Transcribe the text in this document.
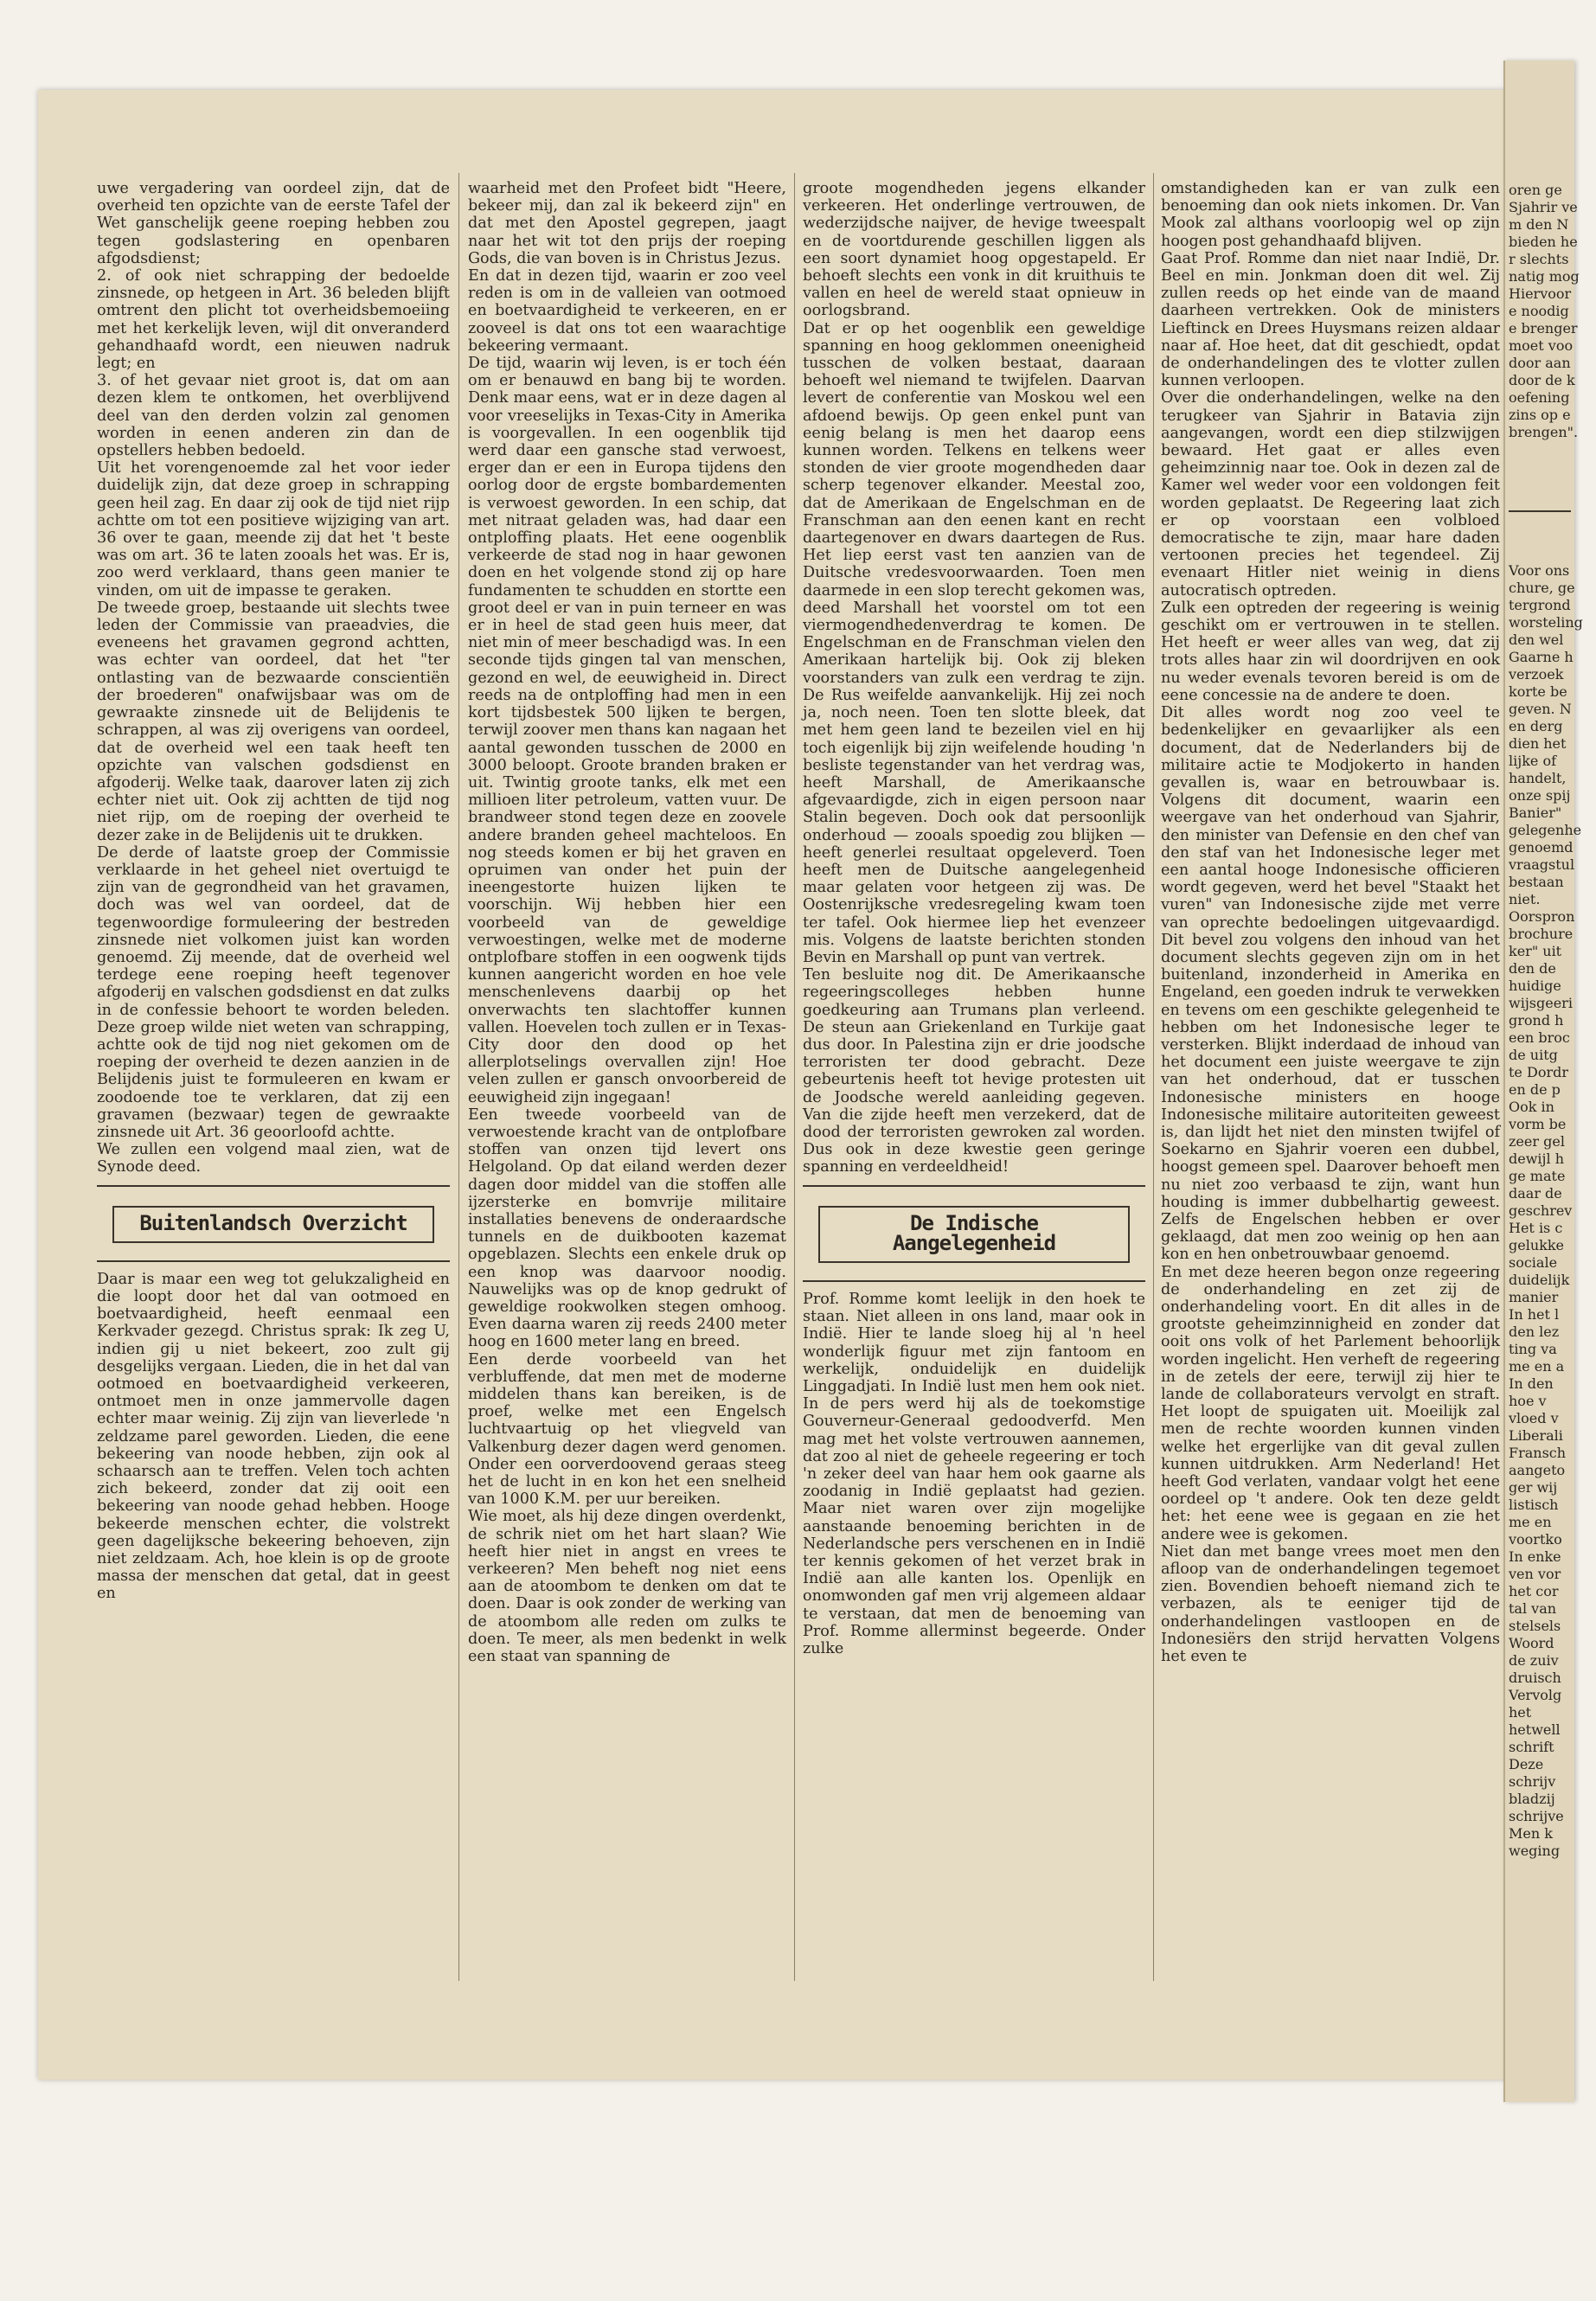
uwe vergadering van oordeel zijn, dat de overheid ten opzichte van de eerste Tafel der Wet ganschelijk geene roeping hebben zou tegen godslastering en openbaren afgodsdienst;

2. of ook niet schrapping der bedoelde zinsnede, op hetgeen in Art. 36 beleden blijft omtrent den plicht tot overheidsbemoeiing met het kerkelijk leven, wijl dit onveranderd gehandhaafd wordt, een nieuwen nadruk legt; en

3. of het gevaar niet groot is, dat om aan dezen klem te ontkomen, het overblijvend deel van den derden volzin zal genomen worden in eenen anderen zin dan de opstellers hebben bedoeld.

Uit het vorengenoemde zal het voor ieder duidelijk zijn, dat deze groep in schrapping geen heil zag. En daar zij ook de tijd niet rijp achtte om tot een positieve wijziging van art. 36 over te gaan, meende zij dat het 't beste was om art. 36 te laten zooals het was. Er is, zoo werd verklaard, thans geen manier te vinden, om uit de impasse te geraken.

De tweede groep, bestaande uit slechts twee leden der Commissie van praeadvies, die eveneens het gravamen gegrond achtten, was echter van oordeel, dat het "ter ontlasting van de bezwaarde conscientiën der broederen" onafwijsbaar was om de gewraakte zinsnede uit de Belijdenis te schrappen, al was zij overigens van oordeel, dat de overheid wel een taak heeft ten opzichte van valschen godsdienst en afgoderij. Welke taak, daarover laten zij zich echter niet uit. Ook zij achtten de tijd nog niet rijp, om de roeping der overheid te dezer zake in de Belijdenis uit te drukken.

De derde of laatste groep der Commissie verklaarde in het geheel niet overtuigd te zijn van de gegrondheid van het gravamen, doch was wel van oordeel, dat de tegenwoordige formuleering der bestreden zinsnede niet volkomen juist kan worden genoemd. Zij meende, dat de overheid wel terdege eene roeping heeft tegenover afgoderij en valschen godsdienst en dat zulks in de confessie behoort te worden beleden. Deze groep wilde niet weten van schrapping, achtte ook de tijd nog niet gekomen om de roeping der overheid te dezen aanzien in de Belijdenis juist te formuleeren en kwam er zoodoende toe te verklaren, dat zij een gravamen (bezwaar) tegen de gewraakte zinsnede uit Art. 36 geoorloofd achtte.

We zullen een volgend maal zien, wat de Synode deed.

Buitenlandsch Overzicht

Daar is maar een weg tot gelukzaligheid en die loopt door het dal van ootmoed en boetvaardigheid, heeft eenmaal een Kerkvader gezegd. Christus sprak: Ik zeg U, indien gij u niet bekeert, zoo zult gij desgelijks vergaan. Lieden, die in het dal van ootmoed en boetvaardigheid verkeeren, ontmoet men in onze jammervolle dagen echter maar weinig. Zij zijn van lieverlede 'n zeldzame parel geworden. Lieden, die eene bekeering van noode hebben, zijn ook al schaarsch aan te treffen. Velen toch achten zich bekeerd, zonder dat zij ooit een bekeering van noode gehad hebben. Hooge bekeerde menschen echter, die volstrekt geen dagelijksche bekeering behoeven, zijn niet zeldzaam. Ach, hoe klein is op de groote massa der menschen dat getal, dat in geest en

waarheid met den Profeet bidt "Heere, bekeer mij, dan zal ik bekeerd zijn" en dat met den Apostel gegrepen, jaagt naar het wit tot den prijs der roeping Gods, die van boven is in Christus Jezus.

En dat in dezen tijd, waarin er zoo veel reden is om in de valleien van ootmoed en boetvaardigheid te verkeeren, en er zooveel is dat ons tot een waarachtige bekeering vermaant.

De tijd, waarin wij leven, is er toch één om er benauwd en bang bij te worden. Denk maar eens, wat er in deze dagen al voor vreeselijks in Texas-City in Amerika is voorgevallen. In een oogenblik tijd werd daar een gansche stad verwoest, erger dan er een in Europa tijdens den oorlog door de ergste bombardementen is verwoest geworden. In een schip, dat met nitraat geladen was, had daar een ontploffing plaats. Het eene oogenblik verkeerde de stad nog in haar gewonen doen en het volgende stond zij op hare fundamenten te schudden en stortte een groot deel er van in puin terneer en was er in heel de stad geen huis meer, dat niet min of meer beschadigd was. In een seconde tijds gingen tal van menschen, gezond en wel, de eeuwigheid in. Direct reeds na de ontploffing had men in een kort tijdsbestek 500 lijken te bergen, terwijl zoover men thans kan nagaan het aantal gewonden tusschen de 2000 en 3000 beloopt. Groote branden braken er uit. Twintig groote tanks, elk met een millioen liter petroleum, vatten vuur. De brandweer stond tegen deze en zoovele andere branden geheel machteloos. En nog steeds komen er bij het graven en opruimen van onder het puin der ineengestorte huizen lijken te voorschijn. Wij hebben hier een voorbeeld van de geweldige verwoestingen, welke met de moderne ontplofbare stoffen in een oogwenk tijds kunnen aangericht worden en hoe vele menschenlevens daarbij op het onverwachts ten slachtoffer kunnen vallen. Hoevelen toch zullen er in Texas-City door den dood op het allerplotselings overvallen zijn! Hoe velen zullen er gansch onvoorbereid de eeuwigheid zijn ingegaan!

Een tweede voorbeeld van de verwoestende kracht van de ontplofbare stoffen van onzen tijd levert ons Helgoland. Op dat eiland werden dezer dagen door middel van die stoffen alle ijzersterke en bomvrije militaire installaties benevens de onderaardsche tunnels en de duikbooten kazemat opgeblazen. Slechts een enkele druk op een knop was daarvoor noodig. Nauwelijks was op de knop gedrukt of geweldige rookwolken stegen omhoog. Even daarna waren zij reeds 2400 meter hoog en 1600 meter lang en breed.

Een derde voorbeeld van het verbluffende, dat men met de moderne middelen thans kan bereiken, is de proef, welke met een Engelsch luchtvaartuig op het vliegveld van Valkenburg dezer dagen werd genomen. Onder een oorverdoovend geraas steeg het de lucht in en kon het een snelheid van 1000 K.M. per uur bereiken.

Wie moet, als hij deze dingen overdenkt, de schrik niet om het hart slaan? Wie heeft hier niet in angst en vrees te verkeeren? Men beheft nog niet eens aan de atoombom te denken om dat te doen. Daar is ook zonder de werking van de atoombom alle reden om zulks te doen. Te meer, als men bedenkt in welk een staat van spanning de

groote mogendheden jegens elkander verkeeren. Het onderlinge vertrouwen, de wederzijdsche naijver, de hevige tweespalt en de voortdurende geschillen liggen als een soort dynamiet hoog opgestapeld. Er behoeft slechts een vonk in dit kruithuis te vallen en heel de wereld staat opnieuw in oorlogsbrand.

Dat er op het oogenblik een geweldige spanning en hoog geklommen oneenigheid tusschen de volken bestaat, daaraan behoeft wel niemand te twijfelen. Daarvan levert de conferentie van Moskou wel een afdoend bewijs. Op geen enkel punt van eenig belang is men het daarop eens kunnen worden. Telkens en telkens weer stonden de vier groote mogendheden daar scherp tegenover elkander. Meestal zoo, dat de Amerikaan de Engelschman en de Franschman aan den eenen kant en recht daartegenover en dwars daartegen de Rus. Het liep eerst vast ten aanzien van de Duitsche vredesvoorwaarden. Toen men daarmede in een slop terecht gekomen was, deed Marshall het voorstel om tot een viermogendhedenverdrag te komen. De Engelschman en de Franschman vielen den Amerikaan hartelijk bij. Ook zij bleken voorstanders van zulk een verdrag te zijn. De Rus weifelde aanvankelijk. Hij zei noch ja, noch neen. Toen ten slotte bleek, dat met hem geen land te bezeilen viel en hij toch eigenlijk bij zijn weifelende houding 'n besliste tegenstander van het verdrag was, heeft Marshall, de Amerikaansche afgevaardigde, zich in eigen persoon naar Stalin begeven. Doch ook dat persoonlijk onderhoud — zooals spoedig zou blijken — heeft generlei resultaat opgeleverd. Toen heeft men de Duitsche aangelegenheid maar gelaten voor hetgeen zij was. De Oostenrijksche vredesregeling kwam toen ter tafel. Ook hiermee liep het evenzeer mis. Volgens de laatste berichten stonden Bevin en Marshall op punt van vertrek.

Ten besluite nog dit. De Amerikaansche regeeringscolleges hebben hunne goedkeuring aan Trumans plan verleend. De steun aan Griekenland en Turkije gaat dus door. In Palestina zijn er drie joodsche terroristen ter dood gebracht. Deze gebeurtenis heeft tot hevige protesten uit de Joodsche wereld aanleiding gegeven. Van die zijde heeft men verzekerd, dat de dood der terroristen gewroken zal worden. Dus ook in deze kwestie geen geringe spanning en verdeeldheid!

De Indische Aangelegenheid

Prof. Romme komt leelijk in den hoek te staan. Niet alleen in ons land, maar ook in Indië. Hier te lande sloeg hij al 'n heel wonderlijk figuur met zijn fantoom en werkelijk, onduidelijk en duidelijk Linggadjati. In Indië lust men hem ook niet. In de pers werd hij als de toekomstige Gouverneur-Generaal gedoodverfd. Men mag met het volste vertrouwen aannemen, dat zoo al niet de geheele regeering er toch 'n zeker deel van haar hem ook gaarne als zoodanig in Indië geplaatst had gezien. Maar niet waren over zijn mogelijke aanstaande benoeming berichten in de Nederlandsche pers verschenen en in Indië ter kennis gekomen of het verzet brak in Indië aan alle kanten los. Openlijk en onomwonden gaf men vrij algemeen aldaar te verstaan, dat men de benoeming van Prof. Romme allerminst begeerde. Onder zulke

omstandigheden kan er van zulk een benoeming dan ook niets inkomen. Dr. Van Mook zal althans voorloopig wel op zijn hoogen post gehandhaafd blijven.

Gaat Prof. Romme dan niet naar Indië, Dr. Beel en min. Jonkman doen dit wel. Zij zullen reeds op het einde van de maand daarheen vertrekken. Ook de ministers Lieftinck en Drees Huysmans reizen aldaar naar af. Hoe heet, dat dit geschiedt, opdat de onderhandelingen des te vlotter zullen kunnen verloopen.

Over die onderhandelingen, welke na den terugkeer van Sjahrir in Batavia zijn aangevangen, wordt een diep stilzwijgen bewaard. Het gaat er alles even geheimzinnig naar toe. Ook in dezen zal de Kamer wel weder voor een voldongen feit worden geplaatst. De Regeering laat zich er op voorstaan een volbloed democratische te zijn, maar hare daden vertoonen precies het tegendeel. Zij evenaart Hitler niet weinig in diens autocratisch optreden.

Zulk een optreden der regeering is weinig geschikt om er vertrouwen in te stellen. Het heeft er weer alles van weg, dat zij trots alles haar zin wil doordrijven en ook nu weder evenals tevoren bereid is om de eene concessie na de andere te doen.

Dit alles wordt nog zoo veel te bedenkelijker en gevaarlijker als een document, dat de Nederlanders bij de militaire actie te Modjokerto in handen gevallen is, waar en betrouwbaar is. Volgens dit document, waarin een weergave van het onderhoud van Sjahrir, den minister van Defensie en den chef van den staf van het Indonesische leger met een aantal hooge Indonesische officieren wordt gegeven, werd het bevel "Staakt het vuren" van Indonesische zijde met verre van oprechte bedoelingen uitgevaardigd. Dit bevel zou volgens den inhoud van het document slechts gegeven zijn om in het buitenland, inzonderheid in Amerika en Engeland, een goeden indruk te verwekken en tevens om een geschikte gelegenheid te hebben om het Indonesische leger te versterken. Blijkt inderdaad de inhoud van het document een juiste weergave te zijn van het onderhoud, dat er tusschen Indonesische ministers en hooge Indonesische militaire autoriteiten geweest is, dan lijdt het niet den minsten twijfel of Soekarno en Sjahrir voeren een dubbel, hoogst gemeen spel. Daarover behoeft men nu niet zoo verbaasd te zijn, want hun houding is immer dubbelhartig geweest. Zelfs de Engelschen hebben er over geklaagd, dat men zoo weinig op hen aan kon en hen onbetrouwbaar genoemd.

En met deze heeren begon onze regeering de onderhandeling en zet zij de onderhandeling voort. En dit alles in de grootste geheimzinnigheid en zonder dat ooit ons volk of het Parlement behoorlijk worden ingelicht. Hen verheft de regeering in de zetels der eere, terwijl zij hier te lande de collaborateurs vervolgt en straft. Het loopt de spuigaten uit. Moeilijk zal men de rechte woorden kunnen vinden welke het ergerlijke van dit geval zullen kunnen uitdrukken. Arm Nederland! Het heeft God verlaten, vandaar volgt het eene oordeel op 't andere. Ook ten deze geldt het: het eene wee is gegaan en zie het andere wee is gekomen.

Niet dan met bange vrees moet men den afloop van de onderhandelingen tegemoet zien. Bovendien behoeft niemand zich te verbazen, als te eeniger tijd de onderhandelingen vastloopen en de Indonesiërs den strijd hervatten Volgens het even te

oren ge
Sjahrir ve
m den N
bieden he
r slechts
natig mog
Hiervoor
e noodig
e brenger
moet voo
door aan
door de k
oefening
zins op e
brengen".
Voor ons
chure, ge
tergrond
worsteling
den wel
Gaarne h
verzoek
korte be
geven. N
en derg
dien het
lijke of
handelt,
onze spij
Banier"
gelegenhe
genoemd
vraagstul
bestaan
niet.
Oorspron
brochure
ker" uit
den de
huidige
wijsgeeri
grond h
een broc
de uitg
te Dordr
en de p
Ook in
vorm be
zeer gel
dewijl h
ge mate
daar de
geschrev
Het is c
gelukke
sociale
duidelijk
manier
In het l
den lez
ting va
me en a
In den
hoe v
vloed v
Liberali
Fransch
aangeto
ger wij
listisch
me en
voortko
In enke
ven vor
het cor
tal van
stelsels
Woord
de zuiv
druisch
Vervolg
het
hetwell
schrift
Deze
schrijv
bladzij
schrijve
Men k
weging
